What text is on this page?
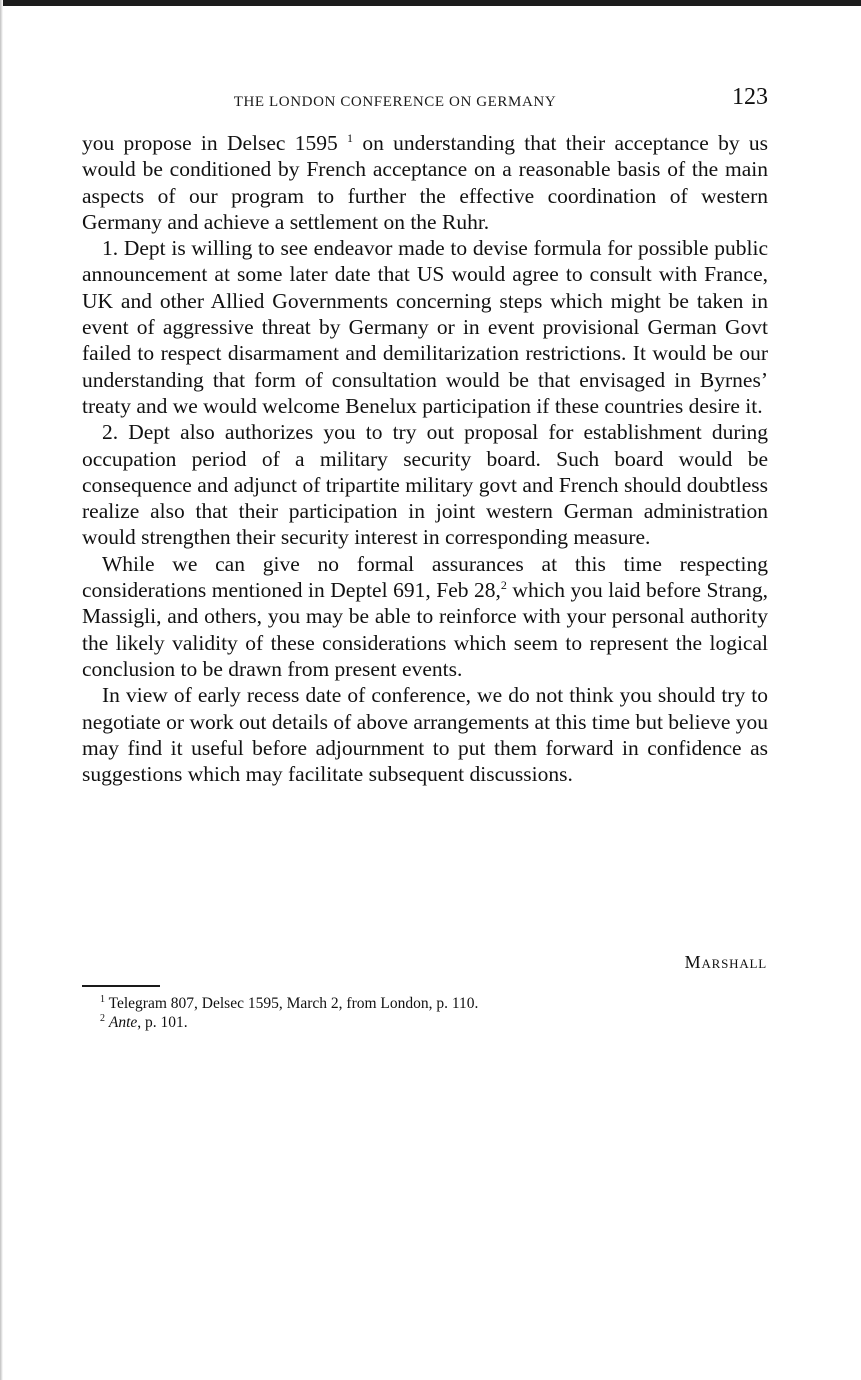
THE LONDON CONFERENCE ON GERMANY	123

you propose in Delsec 1595 $^1$ on understanding that their acceptance by us would be conditioned by French acceptance on a reasonable basis of the main aspects of our program to further the effective coordination of western Germany and achieve a settlement on the Ruhr.

1. Dept is willing to see endeavor made to devise formula for possible public announcement at some later date that US would agree to consult with France, UK and other Allied Governments concerning steps which might be taken in event of aggressive threat by Germany or in event provisional German Govt failed to respect disarmament and demilitarization restrictions. It would be our understanding that form of consultation would be that envisaged in Byrnes’ treaty and we would welcome Benelux participation if these countries desire it.

2. Dept also authorizes you to try out proposal for establishment during occupation period of a military security board. Such board would be consequence and adjunct of tripartite military govt and French should doubtless realize also that their participation in joint western German administration would strengthen their security interest in corresponding measure.

While we can give no formal assurances at this time respecting considerations mentioned in Deptel 691, Feb 28,$^2$ which you laid before Strang, Massigli, and others, you may be able to reinforce with your personal authority the likely validity of these considerations which seem to represent the logical conclusion to be drawn from present events.

In view of early recess date of conference, we do not think you should try to negotiate or work out details of above arrangements at this time but believe you may find it useful before adjournment to put them forward in confidence as suggestions which may facilitate subsequent discussions.

Marshall

$^1$ Telegram 807, Delsec 1595, March 2, from London, p. 110.

$^2$ Ante, p. 101.
